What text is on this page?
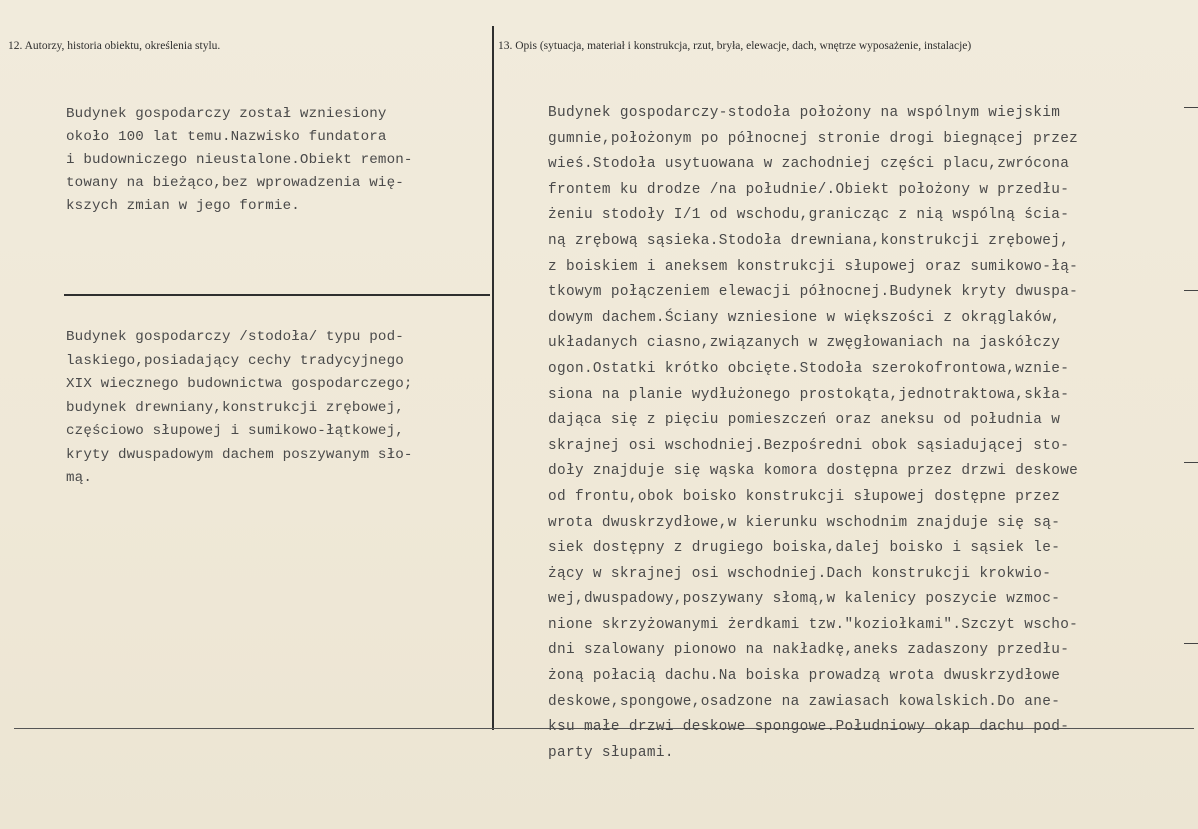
12. Autorzy, historia obiektu, określenia stylu.	13. Opis (sytuacja, materiał i konstrukcja, rzut, bryła, elewacje, dach, wnętrze wyposażenie, instalacje)
Budynek gospodarczy został wzniesiony
około 100 lat temu.Nazwisko fundatora
i budowniczego nieustalone.Obiekt remon-
towany na bieżąco,bez wprowadzenia wię-
kszych zmian w jego formie.
Budynek gospodarczy /stodoła/ typu pod-
laskiego,posiadający cechy tradycyjnego
XIX wiecznego budownictwa gospodarczego;
budynek drewniany,konstrukcji zrębowej,
częściowo słupowej i sumikowo-łątkowej,
kryty dwuspadowym dachem poszywanym sło-
mą.
Budynek gospodarczy-stodoła położony na wspólnym wiejskim
gumnie,położonym po północnej stronie drogi biegnącej przez
wieś.Stodoła usytuowana w zachodniej części placu,zwrócona
frontem ku drodze /na południe/.Obiekt położony w przedłu-
żeniu stodoły I/1 od wschodu,granicząc z nią wspólną ścia-
ną zrębową sąsieka.Stodoła drewniana,konstrukcji zrębowej,
z boiskiem i aneksem konstrukcji słupowej oraz sumikowo-łą-
tkowym połączeniem elewacji północnej.Budynek kryty dwuspa-
dowym dachem.Ściany wzniesione w większości z okrąglaków,
układanych ciasno,związanych w zwęgłowaniach na jaskółczy
ogon.Ostatki krótko obcięte.Stodoła szerokofrontowa,wznie-
siona na planie wydłużonego prostokąta,jednotraktowa,skła-
dająca się z pięciu pomieszczeń oraz aneksu od południa w
skrajnej osi wschodniej.Bezpośredni obok sąsiadującej sto-
doły znajduje się wąska komora dostępna przez drzwi deskowe
od frontu,obok boisko konstrukcji słupowej dostępne przez
wrota dwuskrzydłowe,w kierunku wschodnim znajduje się są-
siek dostępny z drugiego boiska,dalej boisko i sąsiek le-
żący w skrajnej osi wschodniej.Dach konstrukcji krokwio-
wej,dwuspadowy,poszywany słomą,w kalenicy poszycie wzmoc-
nione skrzyżowanymi żerdkami tzw."koziołkami".Szczyt wscho-
dni szalowany pionowo na nakładkę,aneks zadaszony przedłu-
żoną połacią dachu.Na boiska prowadzą wrota dwuskrzydłowe
deskowe,spongowe,osadzone na zawiasach kowalskich.Do ane-
ksu małe drzwi deskowe spongowe.Południowy okap dachu pod-
party słupami.
